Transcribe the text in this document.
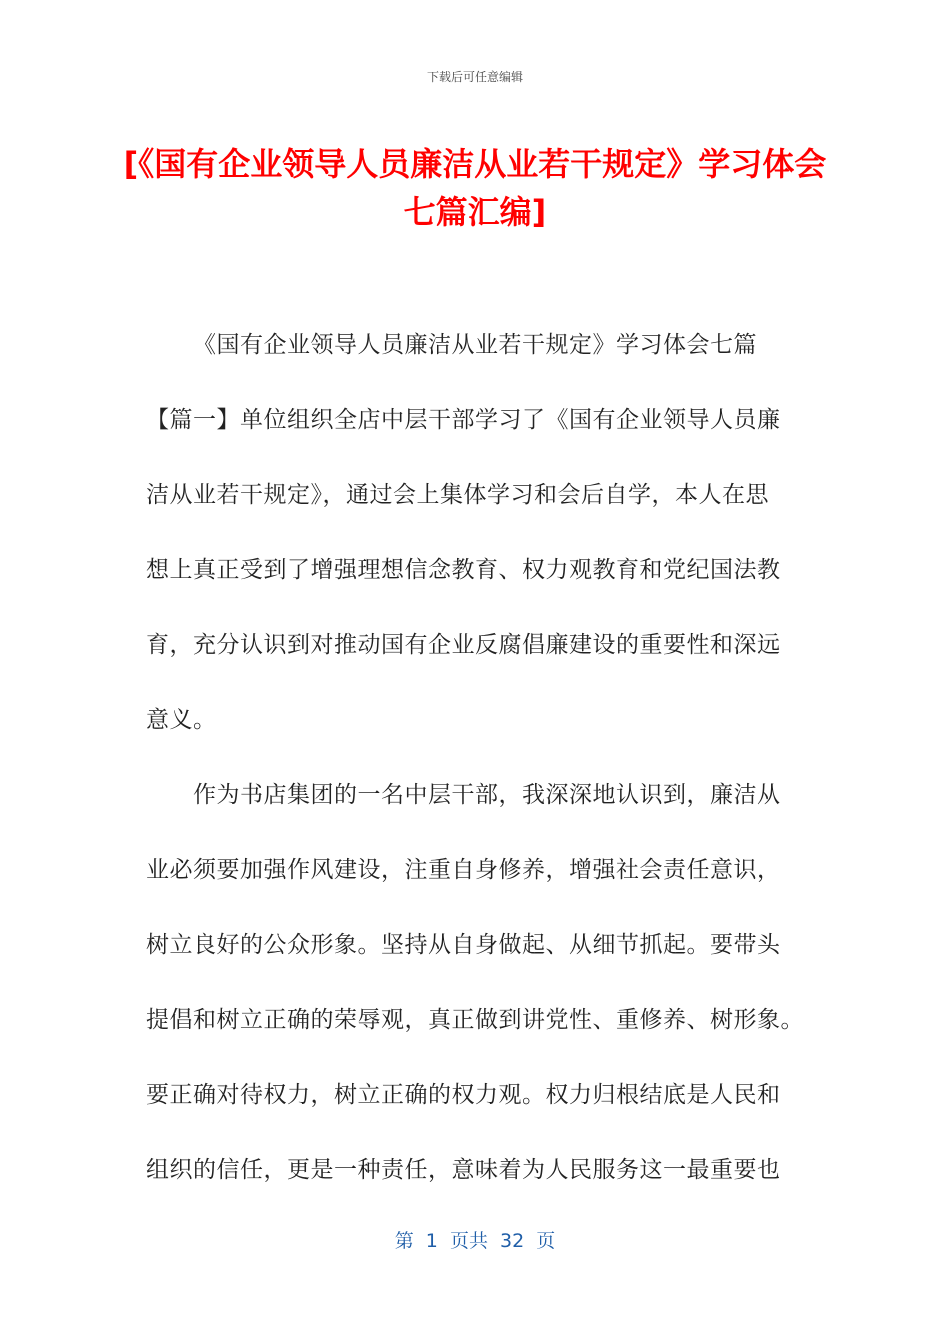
下载后可任意编辑
[《国有企业领导人员廉洁从业若干规定》学习体会七篇汇编]

《国有企业领导人员廉洁从业若干规定》学习体会七篇

【篇一】单位组织全店中层干部学习了《国有企业领导人员廉

洁从业若干规定》，通过会上集体学习和会后自学，本人在思

想上真正受到了增强理想信念教育、权力观教育和党纪国法教

育，充分认识到对推动国有企业反腐倡廉建设的重要性和深远

意义。

作为书店集团的一名中层干部，我深深地认识到，廉洁从

业必须要加强作风建设，注重自身修养，增强社会责任意识，

树立良好的公众形象。坚持从自身做起、从细节抓起。要带头

提倡和树立正确的荣辱观，真正做到讲党性、重修养、树形象。

要正确对待权力，树立正确的权力观。权力归根结底是人民和

组织的信任，更是一种责任，意味着为人民服务这一最重要也

第  1  页共  32  页
